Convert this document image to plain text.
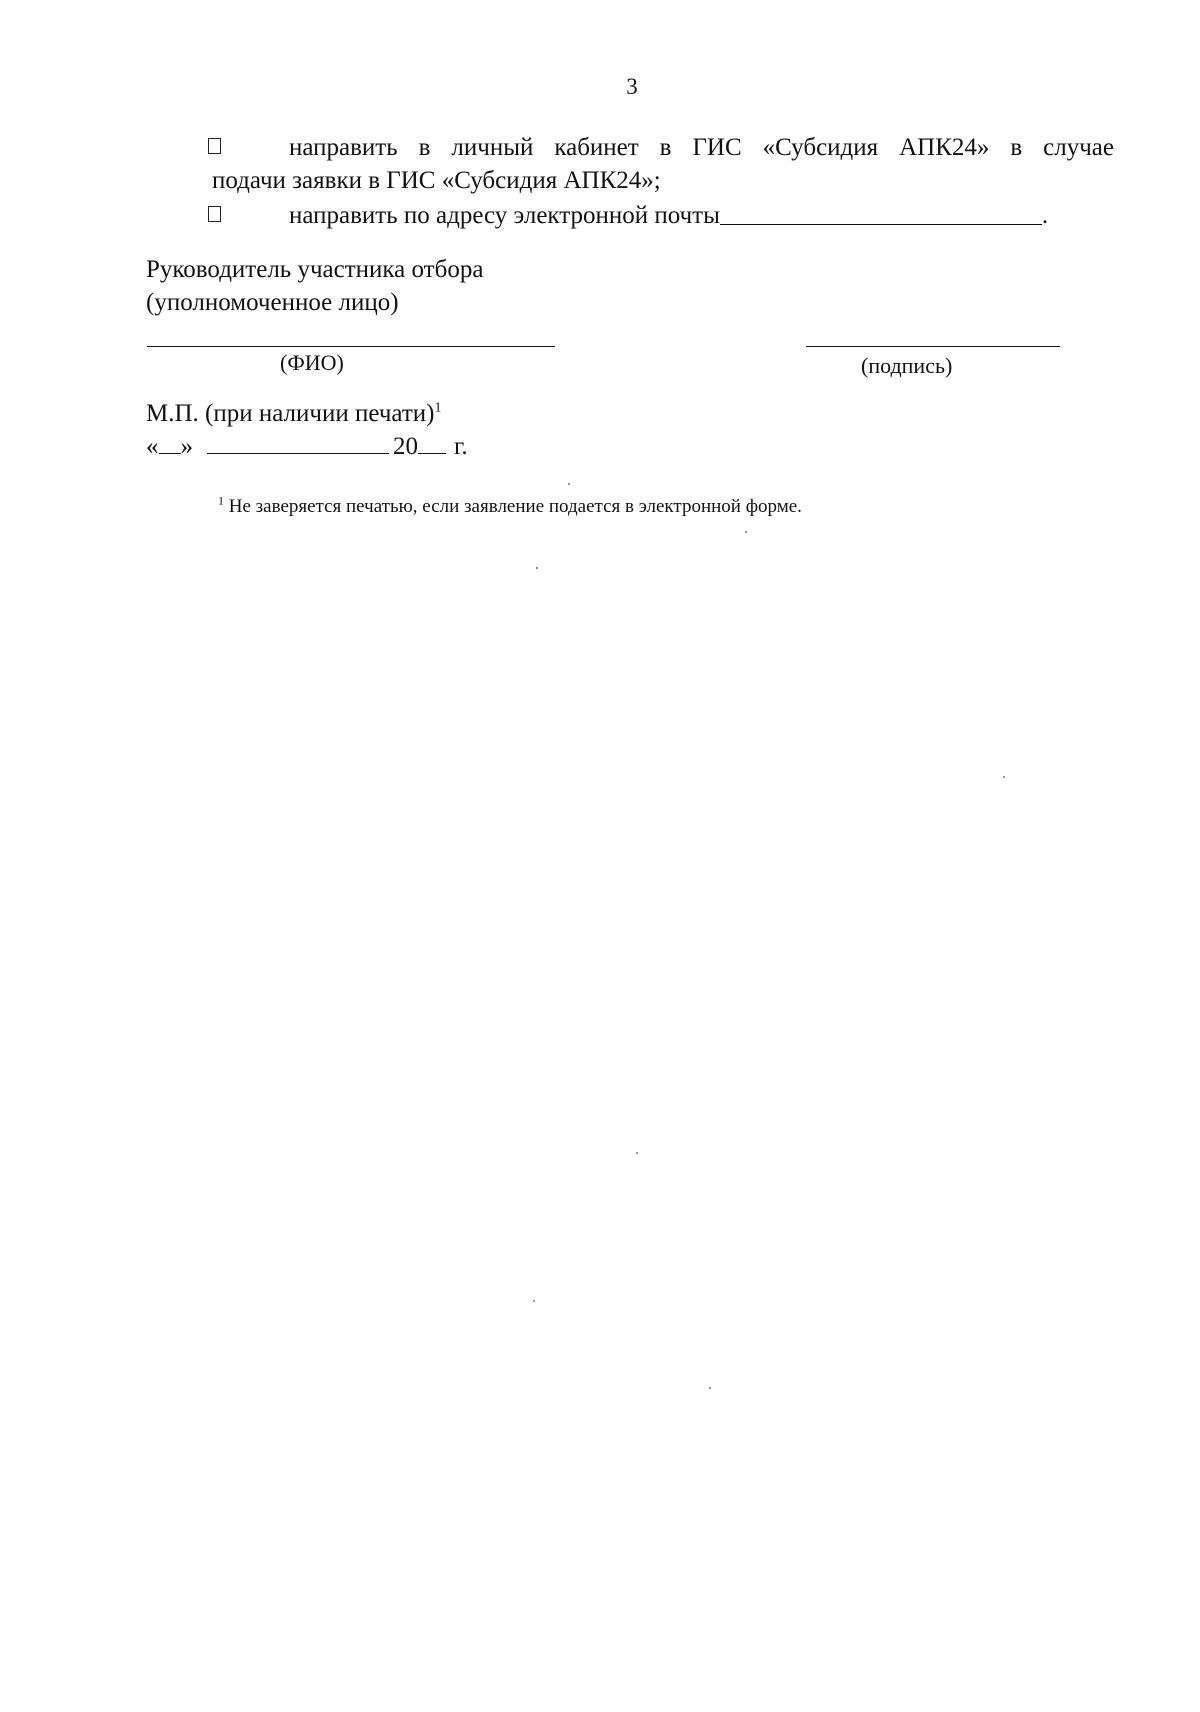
3
направить в личный кабинет в ГИС «Субсидия АПК24» в случае
подачи заявки в ГИС «Субсидия АПК24»;
направить по адресу электронной почты	.
Руководитель участника отбора
(уполномоченное лицо)
(ФИО)	(подпись)
М.П. (при наличии печати)$^1$
« »	20 г.
$^1$ Не заверяется печатью, если заявление подается в электронной форме.
